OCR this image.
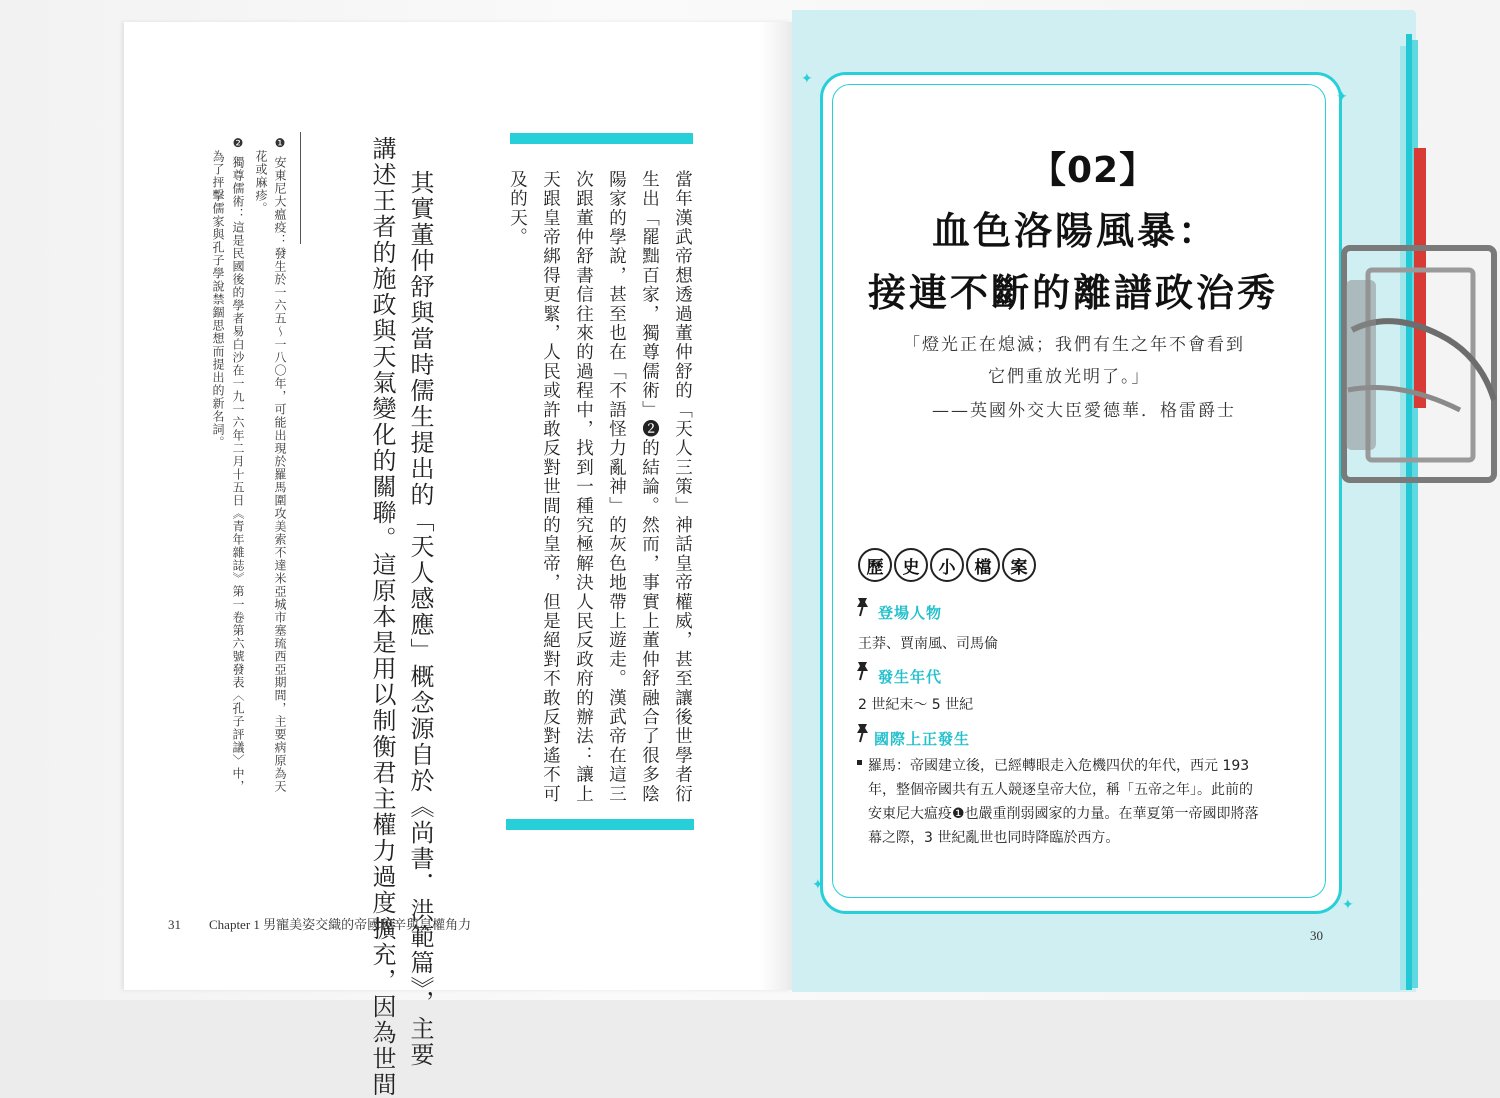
其實董仲舒與當時儒生提出的「天人感應」概念源自於《尚書．洪範篇》，主要
講述王者的施政與天氣變化的關聯。這原本是用以制衡君主權力過度擴充，因為世間	當年漢武帝想透過董仲舒的「天人三策」神話皇帝權威，甚至讓後世學者衍
生出「罷黜百家，獨尊儒術」❷的結論。然而，事實上董仲舒融合了很多陰
陽家的學說，甚至也在「不語怪力亂神」的灰色地帶上遊走。漢武帝在這三
次跟董仲舒書信往來的過程中，找到一種究極解決人民反政府的辦法：讓上
天跟皇帝綁得更緊，人民或許敢反對世間的皇帝，但是絕對不敢反對遙不可
及的天。
❶ 安東尼大瘟疫：發生於一六五～一八〇年，可能出現於羅馬圍攻美索不達米亞城市塞琉西亞期間，主要病原為天
花或麻疹。
❷ 獨尊儒術：這是民國後的學者易白沙在一九一六年二月十五日《青年雜誌》第一卷第六號發表〈孔子評議〉中，
為了抨擊儒家與孔子學說禁錮思想而提出的新名詞。
31 Chapter 1 男寵美姿交織的帝國秘辛與皇權角力
✦
✦
✦
✦
【02】
血色洛陽風暴：
接連不斷的離譜政治秀
「燈光正在熄滅；我們有生之年不會看到
它們重放光明了。」
——英國外交大臣愛德華．格雷爵士
歷	史	小	檔	案
登場人物
王莽、賈南風、司馬倫
發生年代
2 世紀末～ 5 世紀
國際上正發生
羅馬：帝國建立後，已經轉眼走入危機四伏的年代，西元 193
年，整個帝國共有五人競逐皇帝大位，稱「五帝之年」。此前的
安東尼大瘟疫❶也嚴重削弱國家的力量。在華夏第一帝國即將落
幕之際，3 世紀亂世也同時降臨於西方。
30
